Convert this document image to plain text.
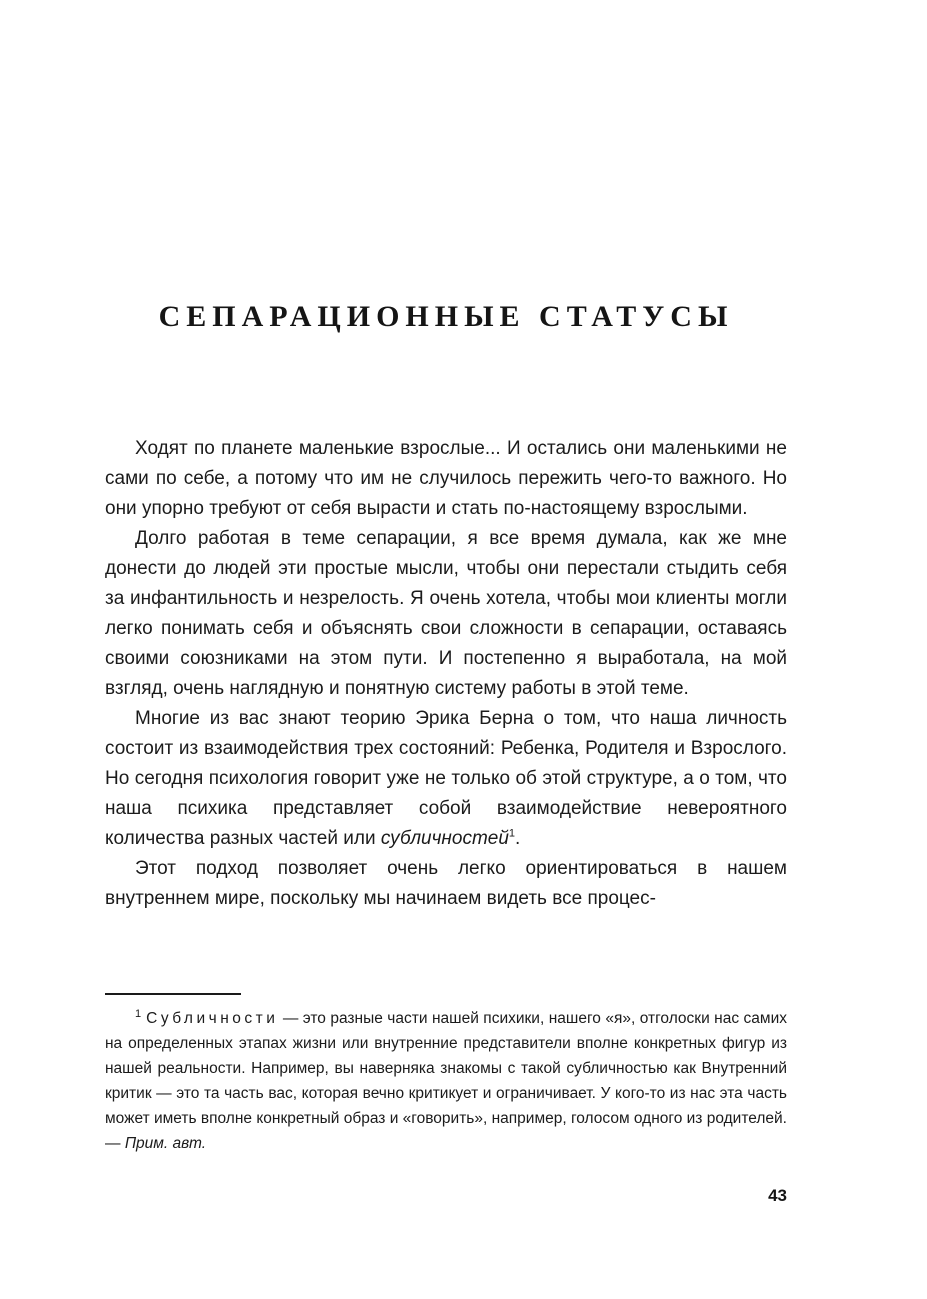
СЕПАРАЦИОННЫЕ СТАТУСЫ

Ходят по планете маленькие взрослые... И остались они маленькими не сами по себе, а потому что им не случилось пережить чего-то важного. Но они упорно требуют от себя вырасти и стать по-настоящему взрослыми.

Долго работая в теме сепарации, я все время думала, как же мне донести до людей эти простые мысли, чтобы они перестали стыдить себя за инфантильность и незрелость. Я очень хотела, чтобы мои клиенты могли легко понимать себя и объяснять свои сложности в сепарации, оставаясь своими союзниками на этом пути. И постепенно я выработала, на мой взгляд, очень наглядную и понятную систему работы в этой теме.

Многие из вас знают теорию Эрика Берна о том, что наша личность состоит из взаимодействия трех состояний: Ребенка, Родителя и Взрослого. Но сегодня психология говорит уже не только об этой структуре, а о том, что наша психика представляет собой взаимодействие невероятного количества разных частей или субличностей$^1$.

Этот подход позволяет очень легко ориентироваться в нашем внутреннем мире, поскольку мы начинаем видеть все процес-

$^1$ Субличности — это разные части нашей психики, нашего «я», отголоски нас самих на определенных этапах жизни или внутренние представители вполне конкретных фигур из нашей реальности. Например, вы наверняка знакомы с такой субличностью как Внутренний критик — это та часть вас, которая вечно критикует и ограничивает. У кого-то из нас эта часть может иметь вполне конкретный образ и «говорить», например, голосом одного из родителей. — Прим. авт.

43
